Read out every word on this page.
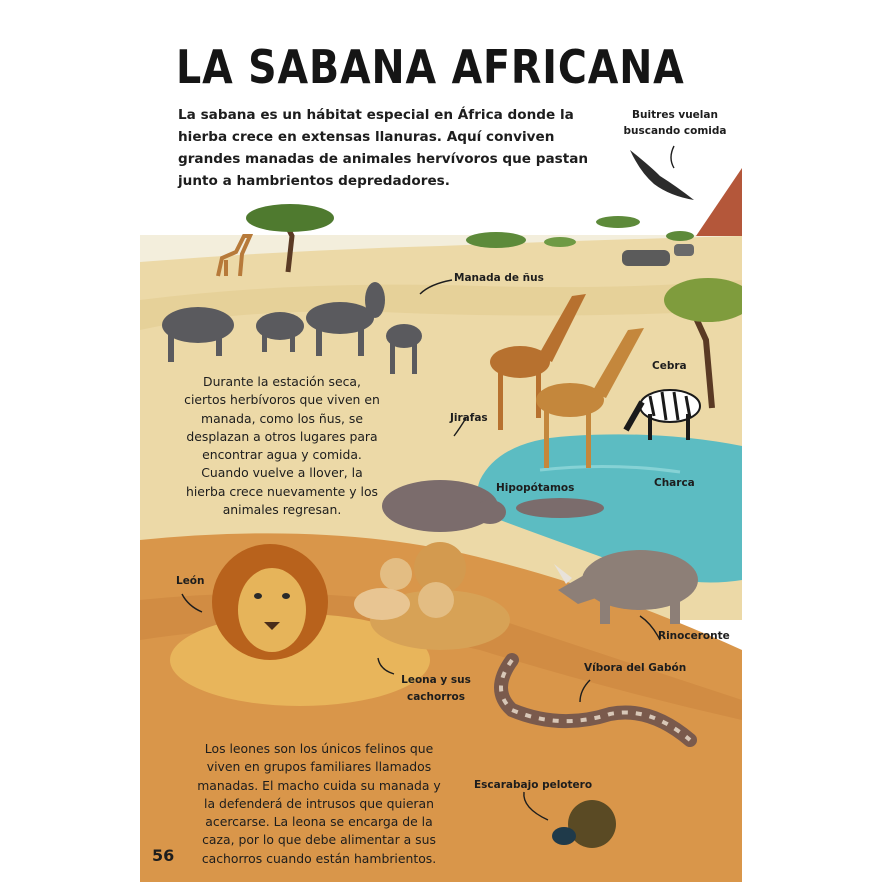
LA SABANA AFRICANA

La sabana es un hábitat especial en África donde la hierba crece en extensas llanuras. Aquí conviven grandes manadas de animales hervívoros que pastan junto a hambrientos depredadores.

Buitres vuelan buscando comida
Manada de ñus
Cebra
Jirafas
Charca
Hipopótamos
León
Rinoceronte
Leona y sus cachorros
Víbora del Gabón
Escarabajo pelotero

Durante la estación seca, ciertos herbívoros que viven en manada, como los ñus, se desplazan a otros lugares para encontrar agua y comida. Cuando vuelve a llover, la hierba crece nuevamente y los animales regresan.

Los leones son los únicos felinos que viven en grupos familiares llamados manadas. El macho cuida su manada y la defenderá de intrusos que quieran acercarse. La leona se encarga de la caza, por lo que debe alimentar a sus cachorros cuando están hambrientos.

56
